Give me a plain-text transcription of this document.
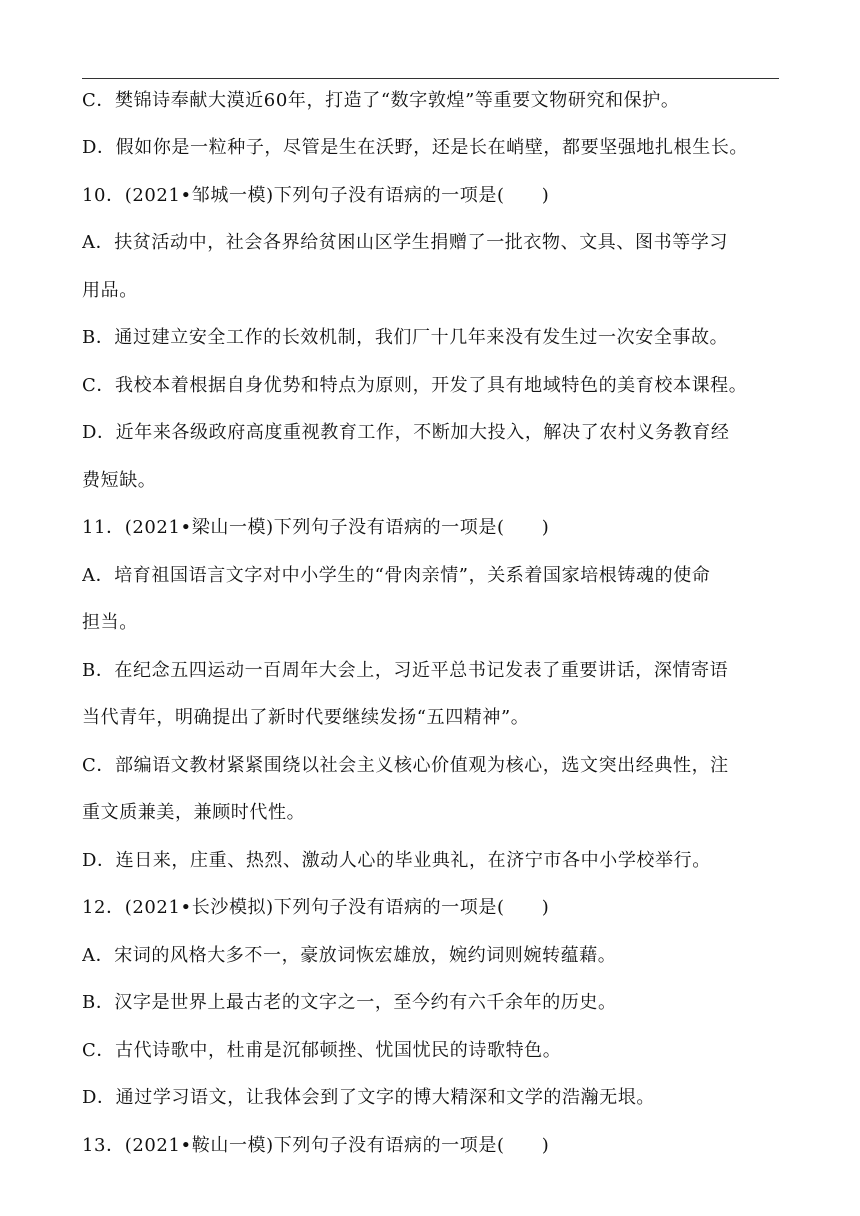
C．樊锦诗奉献大漠近60年，打造了“数字敦煌”等重要文物研究和保护。
D．假如你是一粒种子，尽管是生在沃野，还是长在峭壁，都要坚强地扎根生长。
10．(2021•邹城一模)下列句子没有语病的一项是(　　)
A．扶贫活动中，社会各界给贫困山区学生捐赠了一批衣物、文具、图书等学习
用品。
B．通过建立安全工作的长效机制，我们厂十几年来没有发生过一次安全事故。
C．我校本着根据自身优势和特点为原则，开发了具有地域特色的美育校本课程。
D．近年来各级政府高度重视教育工作，不断加大投入，解决了农村义务教育经
费短缺。
11．(2021•梁山一模)下列句子没有语病的一项是(　　)
A．培育祖国语言文字对中小学生的“骨肉亲情”，关系着国家培根铸魂的使命
担当。
B．在纪念五四运动一百周年大会上，习近平总书记发表了重要讲话，深情寄语
当代青年，明确提出了新时代要继续发扬“五四精神”。
C．部编语文教材紧紧围绕以社会主义核心价值观为核心，选文突出经典性，注
重文质兼美，兼顾时代性。
D．连日来，庄重、热烈、激动人心的毕业典礼，在济宁市各中小学校举行。
12．(2021•长沙模拟)下列句子没有语病的一项是(　　)
A．宋词的风格大多不一，豪放词恢宏雄放，婉约词则婉转蕴藉。
B．汉字是世界上最古老的文字之一，至今约有六千余年的历史。
C．古代诗歌中，杜甫是沉郁顿挫、忧国忧民的诗歌特色。
D．通过学习语文，让我体会到了文字的博大精深和文学的浩瀚无垠。
13．(2021•鞍山一模)下列句子没有语病的一项是(　　)
